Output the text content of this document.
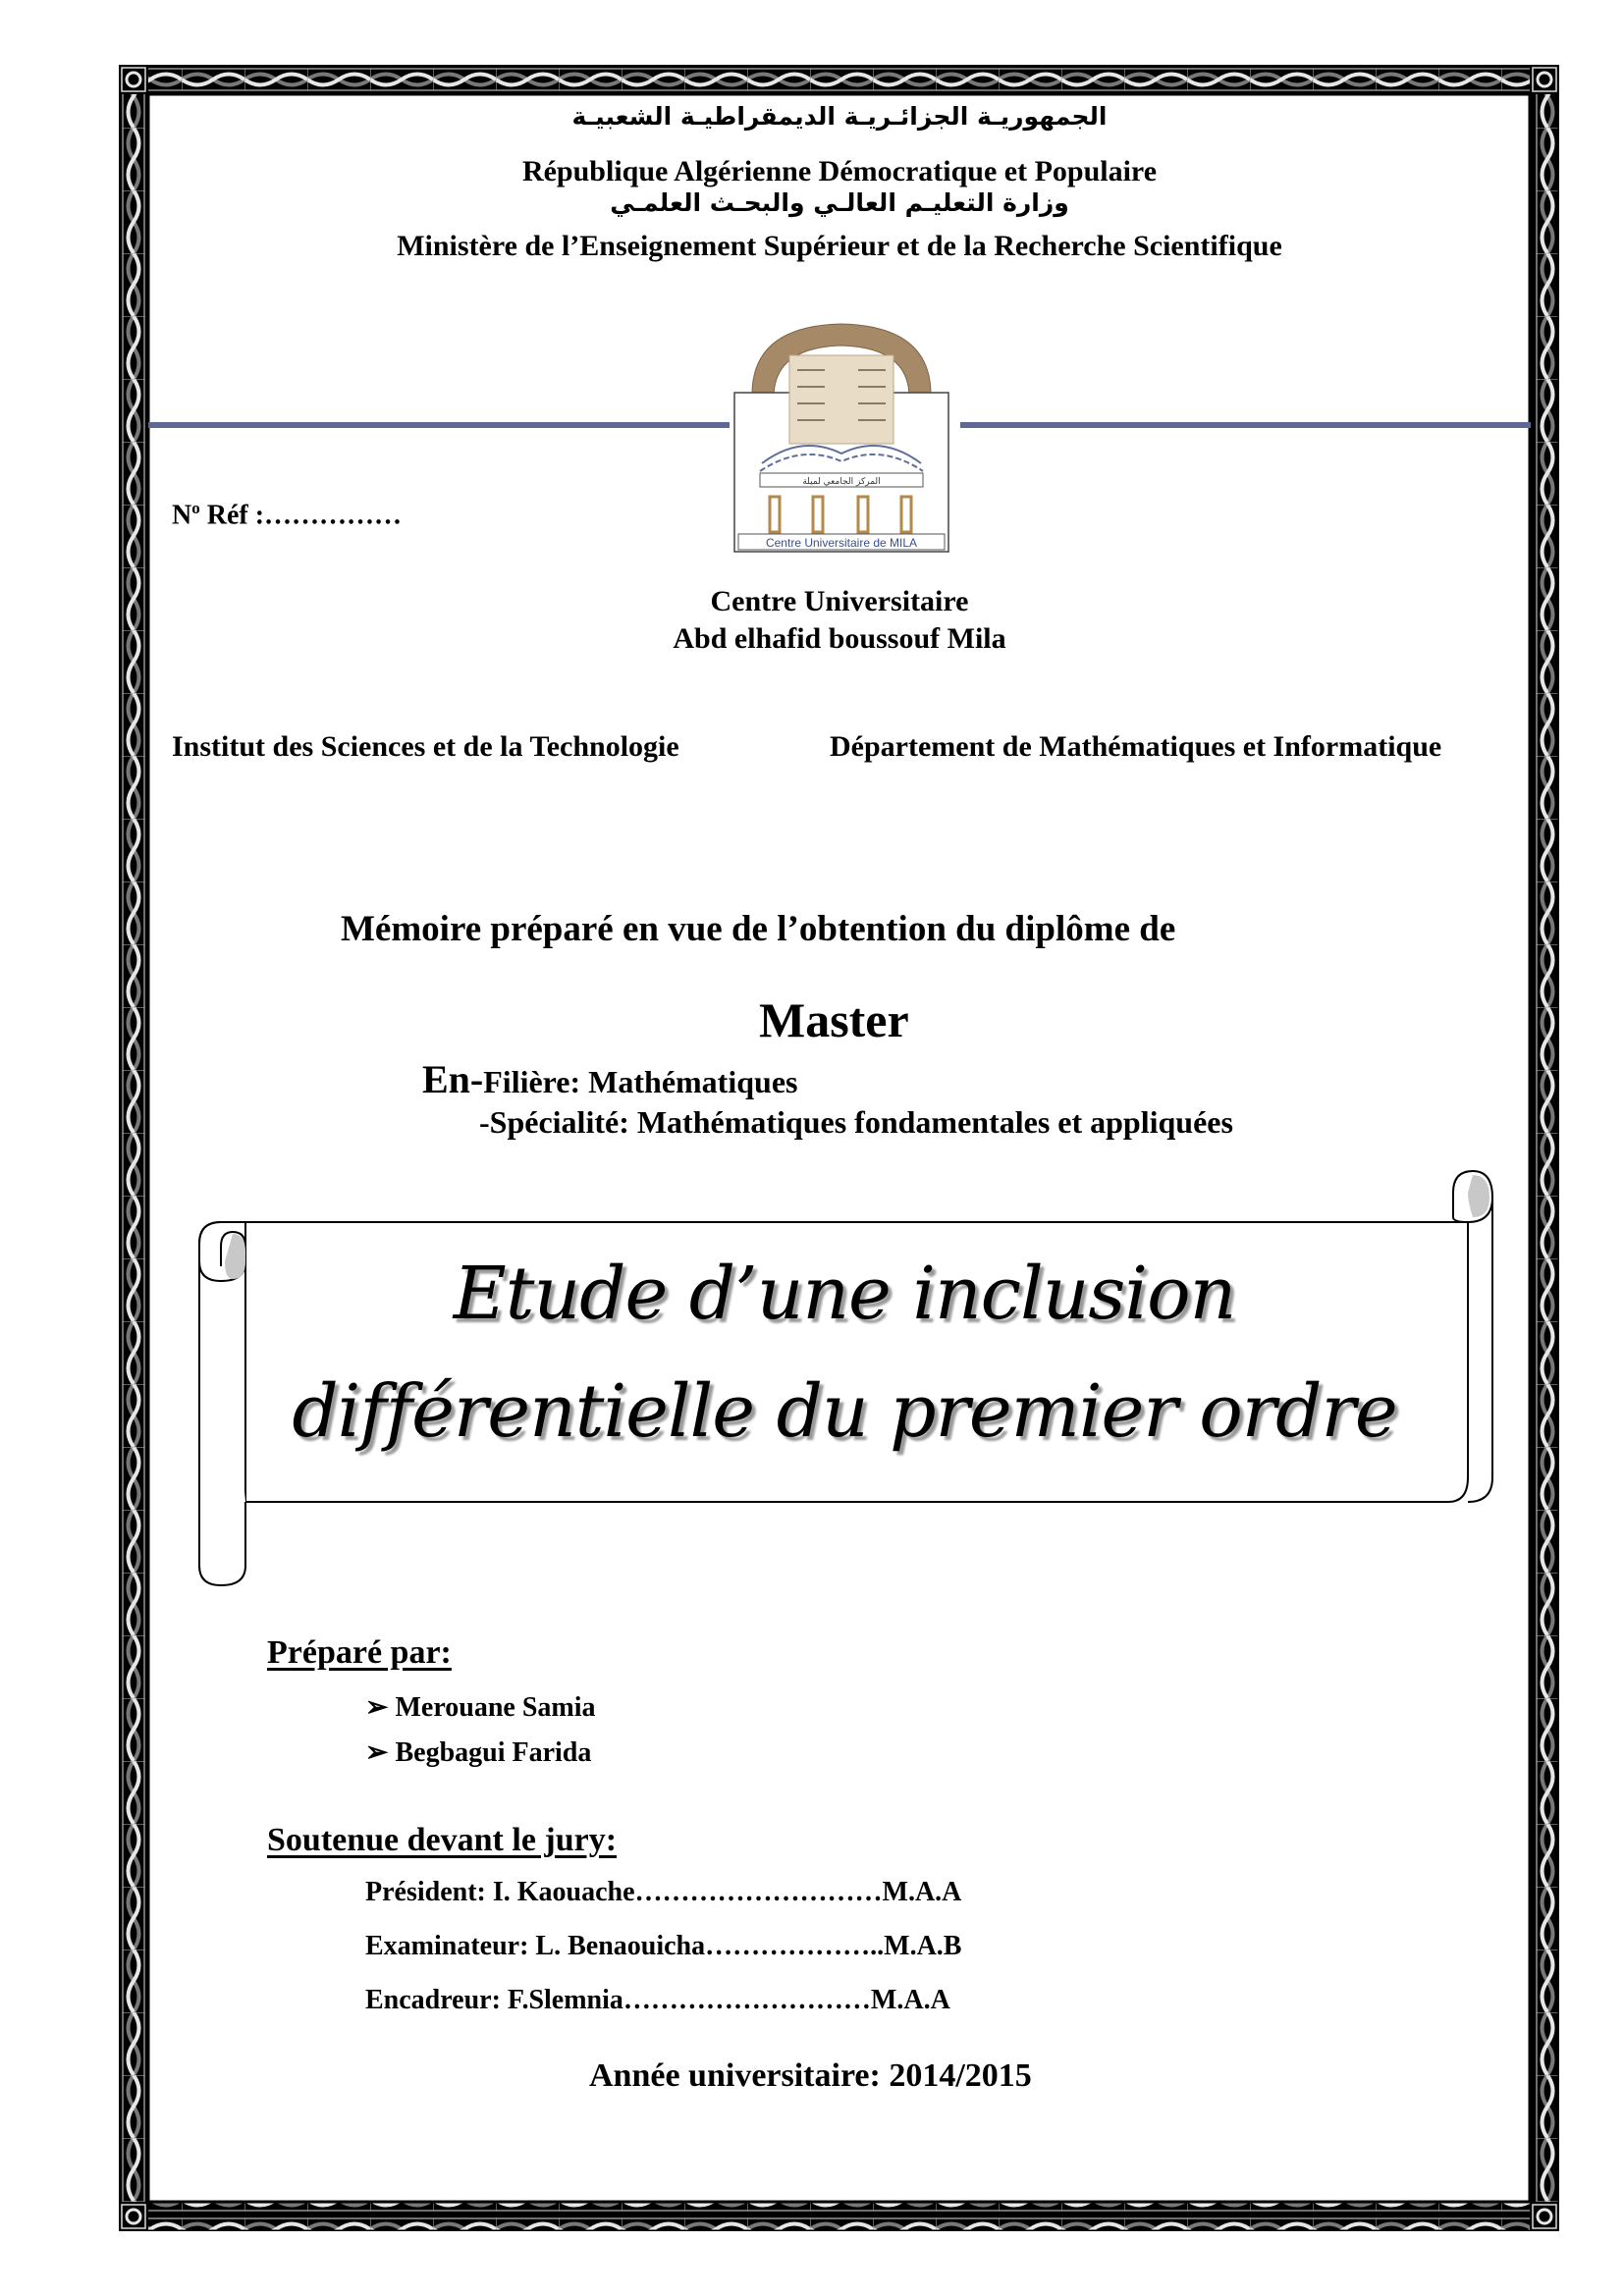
الجمهوريـة الجزائـريـة الديمقراطيـة الشعبيـة
République Algérienne Démocratique et Populaire
وزارة التعليـم العالـي والبحـث العلمـي
Ministère de l’Enseignement Supérieur et de la Recherche Scientifique
المركز الجامعي لميلة
Centre Universitaire de MILA
$N^o$ Réf :……………
Centre Universitaire
Abd elhafid boussouf Mila
Institut des Sciences et de la Technologie	Département de Mathématiques et Informatique
Mémoire préparé en vue de l’obtention du diplôme de
Master
En-Filière: Mathématiques
-Spécialité: Mathématiques fondamentales et appliquées
Etude d’une inclusion
différentielle du premier ordre
Préparé par:
➢ Merouane Samia
➢ Begbagui Farida
Soutenue devant le jury:
Président: I. Kaouache………………………M.A.A
Examinateur: L. Benaouicha………………..M.A.B
Encadreur: F.Slemnia………………………M.A.A
Année universitaire: 2014/2015
